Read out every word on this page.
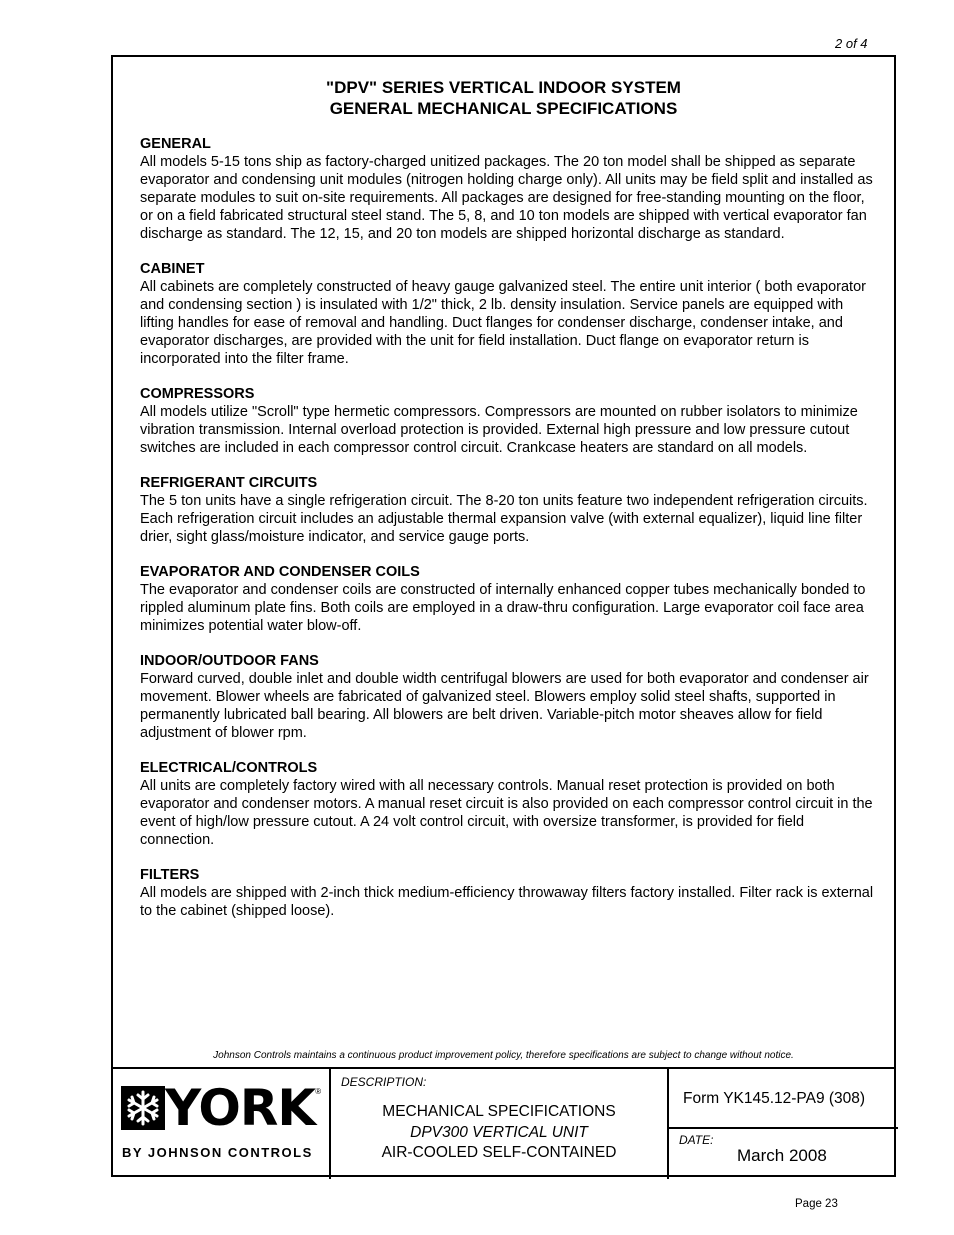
2 of 4
"DPV" SERIES VERTICAL INDOOR SYSTEM
GENERAL MECHANICAL SPECIFICATIONS
GENERAL
All models 5-15 tons ship as factory-charged unitized packages. The 20 ton model shall be shipped as separate evaporator and condensing unit modules (nitrogen holding charge only). All units may be field split and installed as separate modules to suit on-site requirements. All packages are designed for free-standing mounting on the floor, or on a field fabricated structural steel stand. The 5, 8, and 10 ton models are shipped with vertical evaporator fan discharge as standard. The 12, 15, and 20 ton models are shipped horizontal discharge as standard.
CABINET
All cabinets are completely constructed of heavy gauge galvanized steel. The entire unit interior ( both evaporator and condensing section ) is insulated with 1/2" thick, 2 lb. density insulation. Service panels are equipped with lifting handles for ease of removal and handling. Duct flanges for condenser discharge, condenser intake, and evaporator discharges, are provided with the unit for field installation. Duct flange on evaporator return is incorporated into the filter frame.
COMPRESSORS
All models utilize "Scroll" type hermetic compressors. Compressors are mounted on rubber isolators to minimize vibration transmission. Internal overload protection is provided. External high pressure and low pressure cutout switches are included in each compressor control circuit. Crankcase heaters are standard on all models.
REFRIGERANT CIRCUITS
The 5 ton units have a single refrigeration circuit. The 8-20 ton units feature two independent refrigeration circuits. Each refrigeration circuit includes an adjustable thermal expansion valve (with external equalizer), liquid line filter drier, sight glass/moisture indicator, and service gauge ports.
EVAPORATOR AND CONDENSER COILS
The evaporator and condenser coils are constructed of internally enhanced copper tubes mechanically bonded to rippled aluminum plate fins. Both coils are employed in a draw-thru configuration. Large evaporator coil face area minimizes potential water blow-off.
INDOOR/OUTDOOR FANS
Forward curved, double inlet and double width centrifugal blowers are used for both evaporator and condenser air movement. Blower wheels are fabricated of galvanized steel. Blowers employ solid steel shafts, supported in permanently lubricated ball bearing. All blowers are belt driven. Variable-pitch motor sheaves allow for field adjustment of blower rpm.
ELECTRICAL/CONTROLS
All units are completely factory wired with all necessary controls. Manual reset protection is provided on both evaporator and condenser motors. A manual reset circuit is also provided on each compressor control circuit in the event of high/low pressure cutout. A 24 volt control circuit, with oversize transformer, is provided for field connection.
FILTERS
All models are shipped with 2-inch thick medium-efficiency throwaway filters factory installed. Filter rack is external to the cabinet (shipped loose).
Johnson Controls maintains a continuous product improvement policy, therefore specifications are subject to change without notice.
YORK ®
BY JOHNSON CONTROLS
DESCRIPTION:
MECHANICAL SPECIFICATIONS
DPV300 VERTICAL UNIT
AIR-COOLED SELF-CONTAINED
Form YK145.12-PA9 (308)
DATE:
March 2008
Page 23
